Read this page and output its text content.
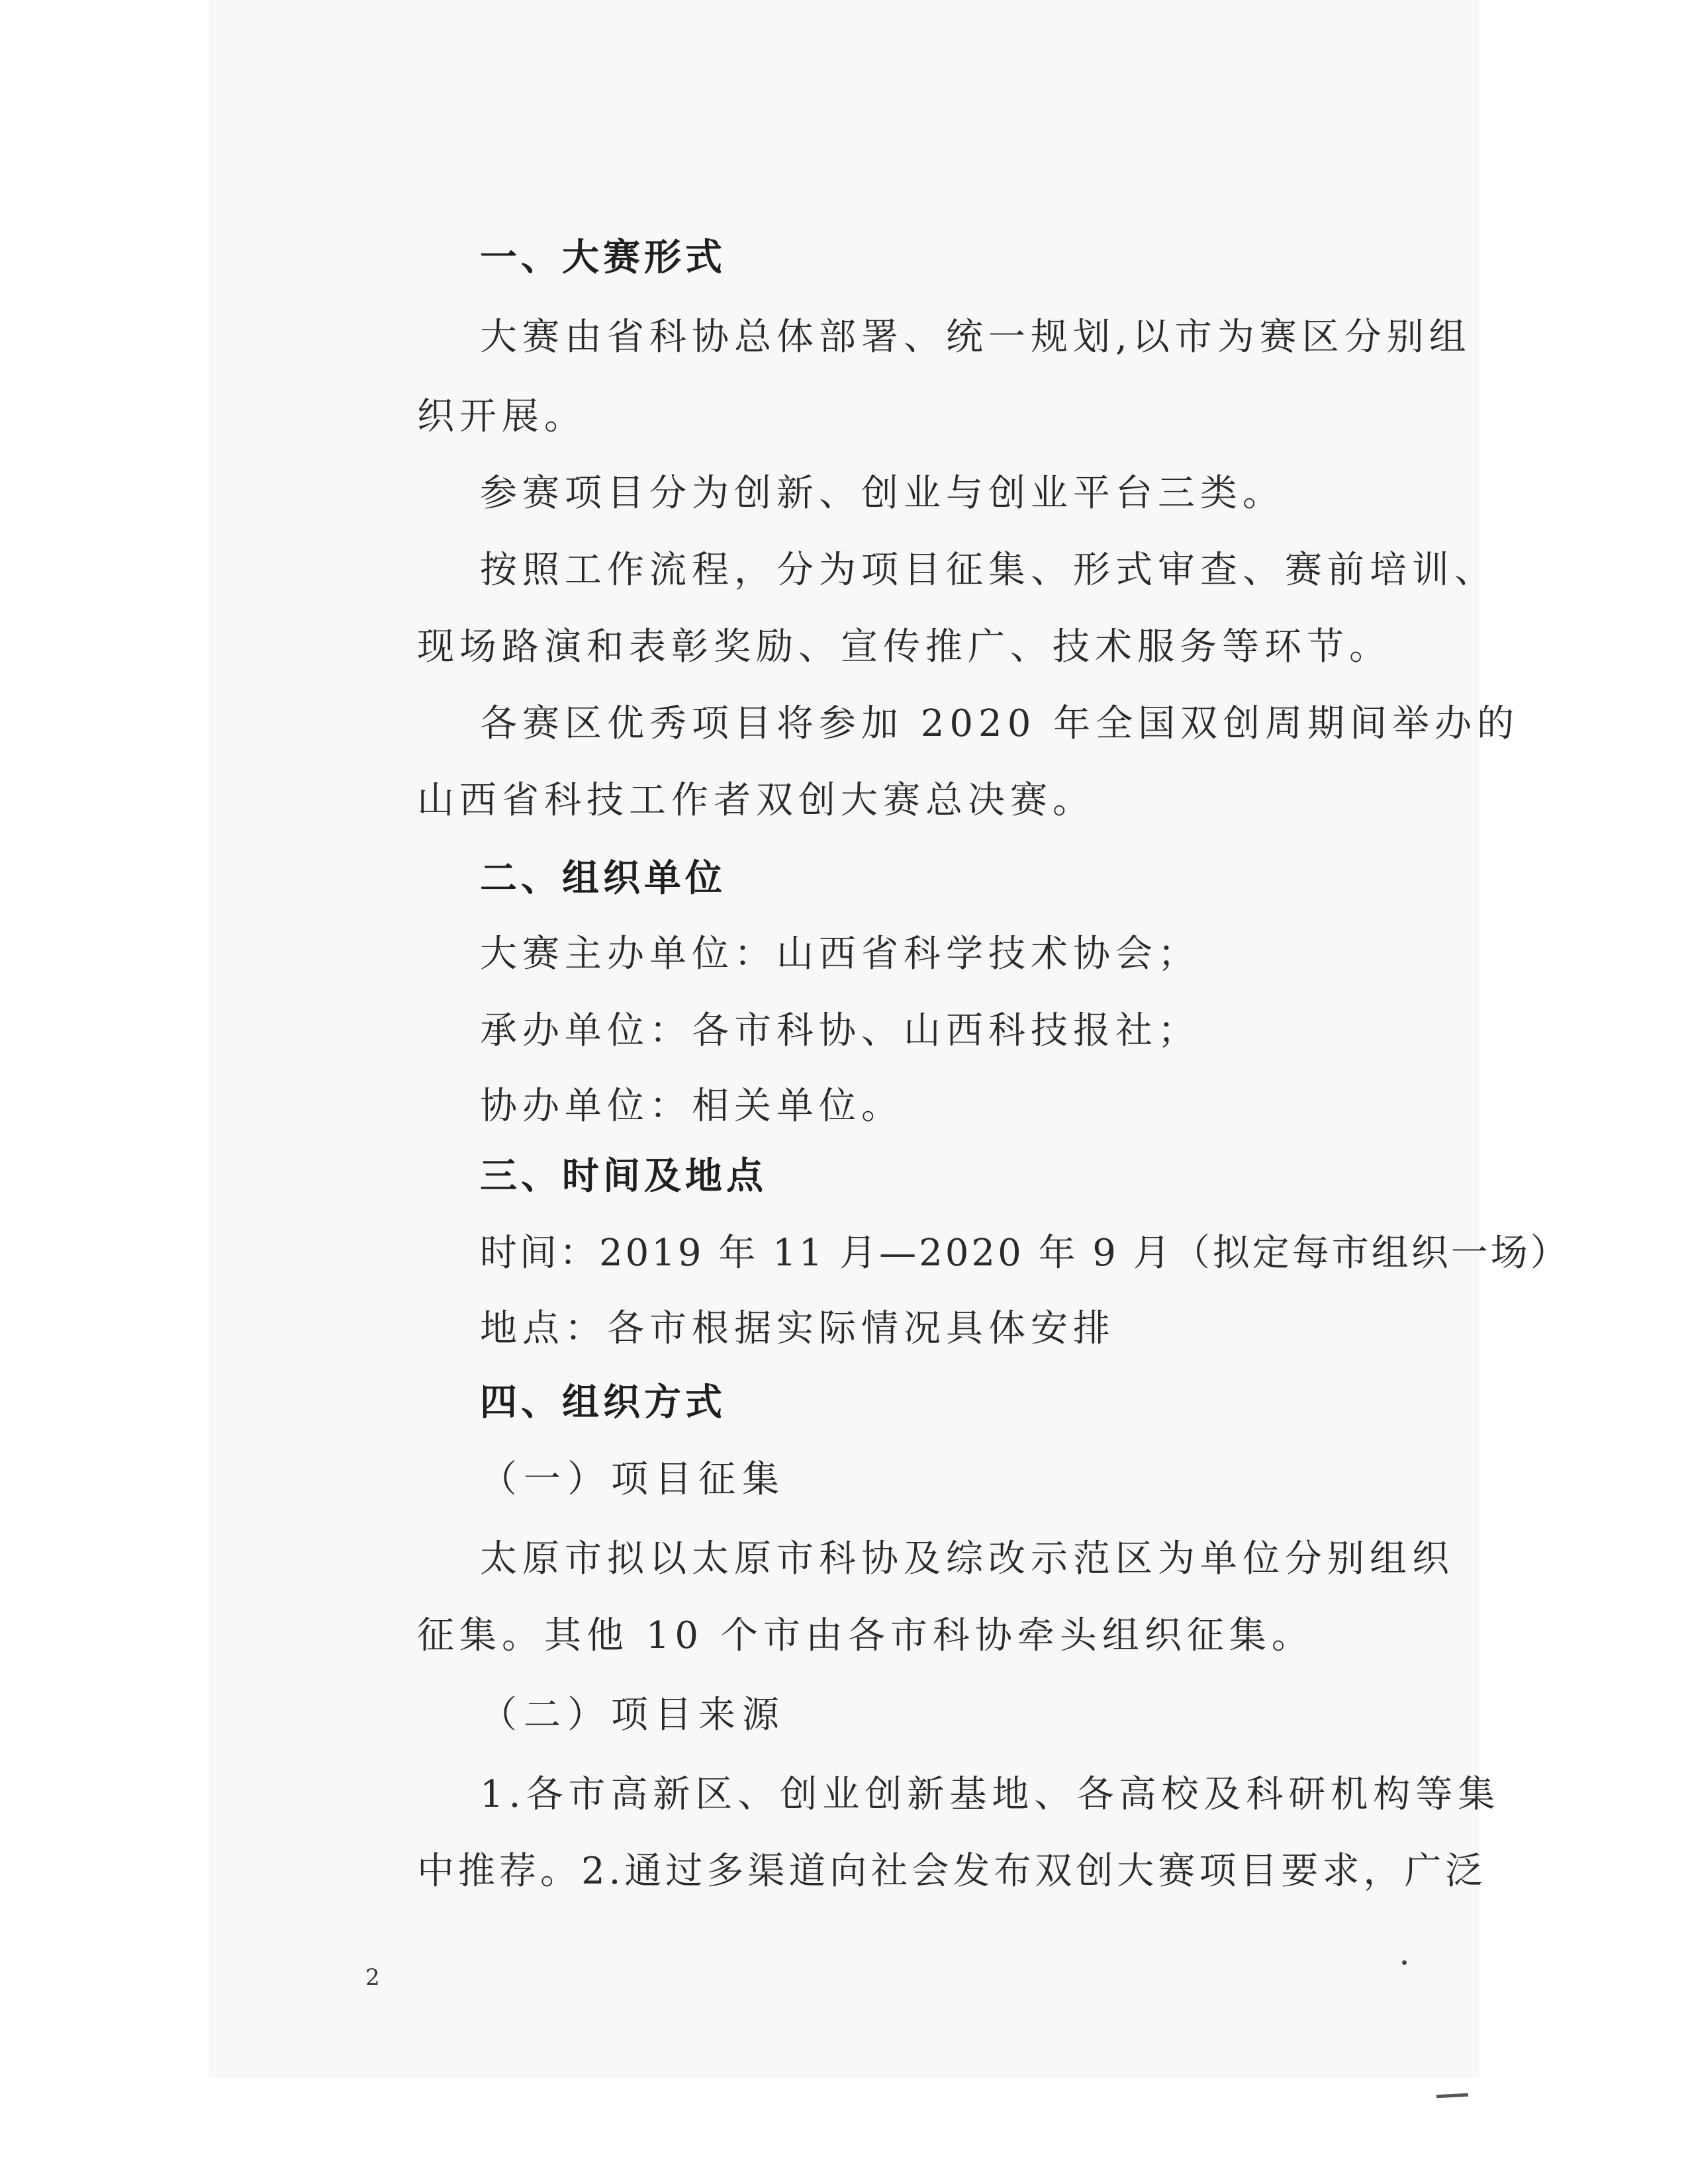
一、大赛形式
大赛由省科协总体部署、统一规划,以市为赛区分别组
织开展。
参赛项目分为创新、创业与创业平台三类。
按照工作流程，分为项目征集、形式审查、赛前培训、
现场路演和表彰奖励、宣传推广、技术服务等环节。
各赛区优秀项目将参加 2020 年全国双创周期间举办的
山西省科技工作者双创大赛总决赛。
二、组织单位
大赛主办单位：山西省科学技术协会；
承办单位：各市科协、山西科技报社；
协办单位：相关单位。
三、时间及地点
时间：2019 年 11 月—2020 年 9 月（拟定每市组织一场）
地点：各市根据实际情况具体安排
四、组织方式
（一）项目征集
太原市拟以太原市科协及综改示范区为单位分别组织
征集。其他 10 个市由各市科协牵头组织征集。
（二）项目来源
1.各市高新区、创业创新基地、各高校及科研机构等集
中推荐。2.通过多渠道向社会发布双创大赛项目要求，广泛
2
